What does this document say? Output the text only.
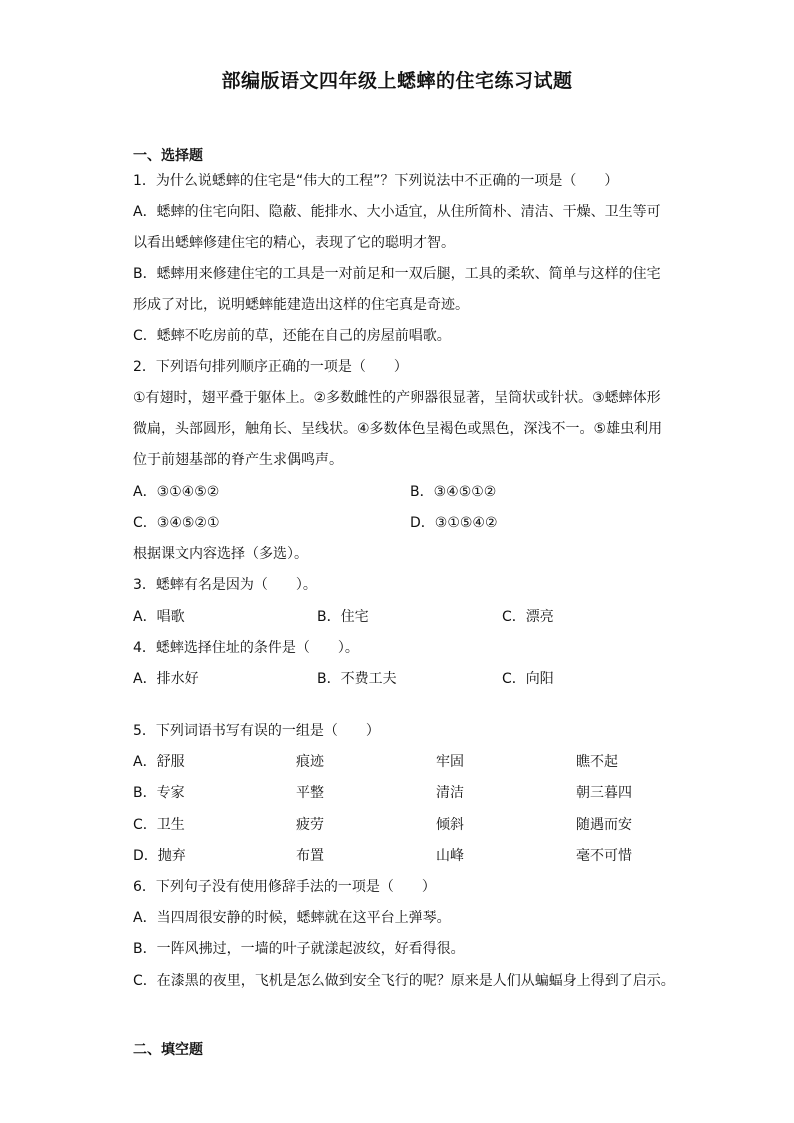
部编版语文四年级上蟋蟀的住宅练习试题
一、选择题
1．为什么说蟋蟀的住宅是“伟大的工程”？下列说法中不正确的一项是（　　）
A．蟋蟀的住宅向阳、隐蔽、能排水、大小适宜，从住所简朴、清洁、干燥、卫生等可
以看出蟋蟀修建住宅的精心，表现了它的聪明才智。
B．蟋蟀用来修建住宅的工具是一对前足和一双后腿，工具的柔软、简单与这样的住宅
形成了对比，说明蟋蟀能建造出这样的住宅真是奇迹。
C．蟋蟀不吃房前的草，还能在自己的房屋前唱歌。
2．下列语句排列顺序正确的一项是（　　）
①有翅时，翅平叠于躯体上。②多数雌性的产卵器很显著，呈筒状或针状。③蟋蟀体形
微扁，头部圆形，触角长、呈线状。④多数体色呈褐色或黑色，深浅不一。⑤雄虫利用
位于前翅基部的脊产生求偶鸣声。
A．③①④⑤②	B．③④⑤①②
C．③④⑤②①	D．③①⑤④②
根据课文内容选择（多选）。
3．蟋蟀有名是因为（　　）。
A．唱歌	B．住宅	C．漂亮
4．蟋蟀选择住址的条件是（　　）。
A．排水好	B．不费工夫	C．向阳
5．下列词语书写有误的一组是（　　）
A．舒服	痕迹	牢固	瞧不起
B．专家	平整	清洁	朝三暮四
C．卫生	疲劳	倾斜	随遇而安
D．抛弃	布置	山峰	毫不可惜
6．下列句子没有使用修辞手法的一项是（　　）
A．当四周很安静的时候，蟋蟀就在这平台上弹琴。
B．一阵风拂过，一墙的叶子就漾起波纹，好看得很。
C．在漆黑的夜里，飞机是怎么做到安全飞行的呢？原来是人们从蝙蝠身上得到了启示。
二、填空题
